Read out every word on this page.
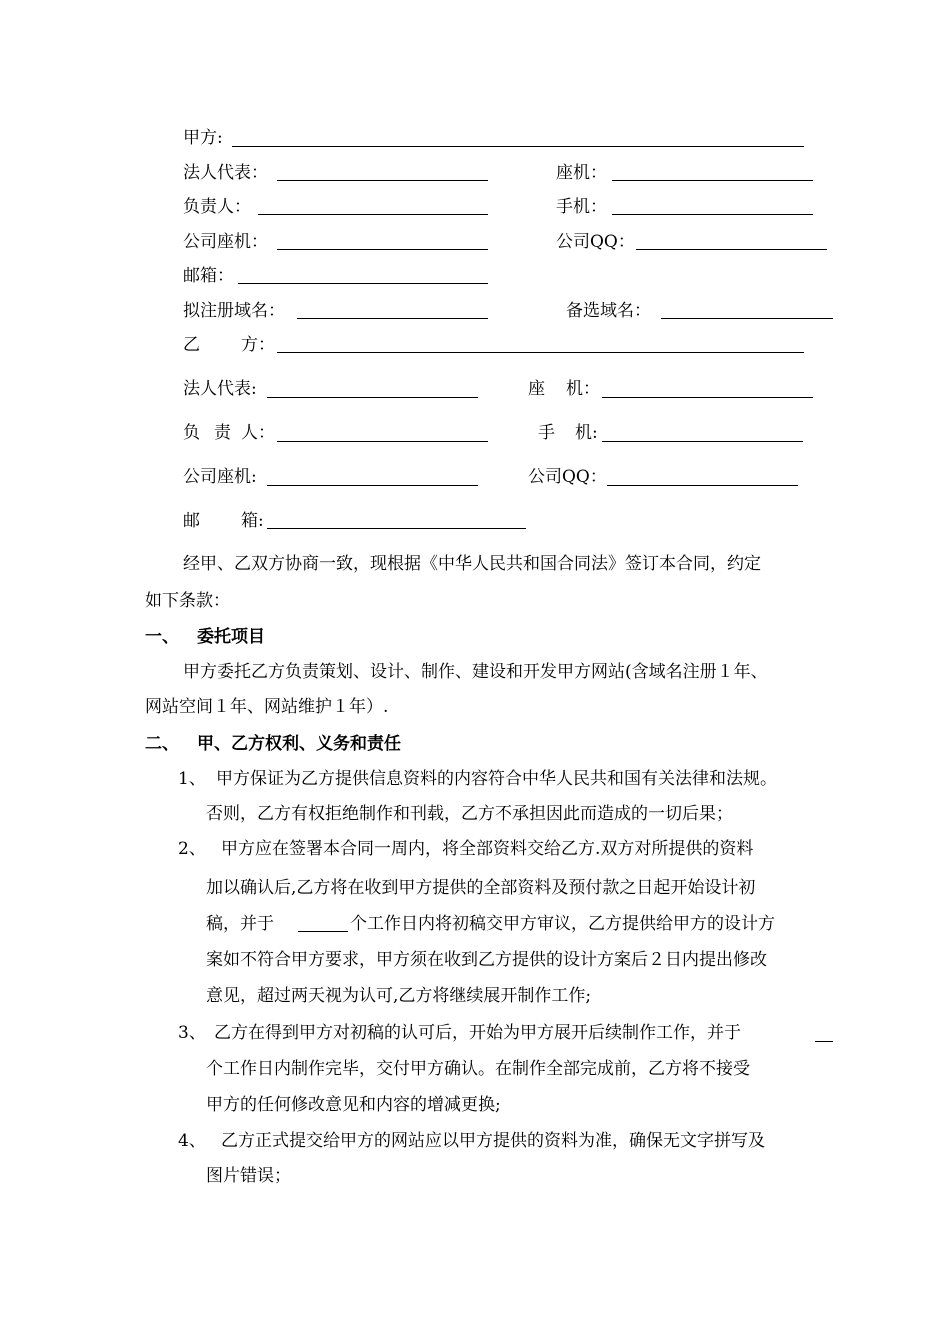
甲方:
法人代表：	座机：
负责人：	手机：
公司座机：	公司QQ：
邮箱：
拟注册域名：	备选域名：
乙 方：
法人代表:	座 机：
负 责 人：	手 机:
公司座机:	公司QQ：
邮 箱:
经甲、乙双方协商一致，现根据《中华人民共和国合同法》签订本合同，约定
如下条款：
一、 委托项目
甲方委托乙方负责策划、设计、制作、建设和开发甲方网站(含域名注册１年、
网站空间１年、网站维护１年）.
二、 甲、乙方权利、义务和责任
1、 甲方保证为乙方提供信息资料的内容符合中华人民共和国有关法律和法规。
否则，乙方有权拒绝制作和刊载，乙方不承担因此而造成的一切后果；
2、 甲方应在签署本合同一周内，将全部资料交给乙方.双方对所提供的资料
加以确认后,乙方将在收到甲方提供的全部资料及预付款之日起开始设计初
稿，并于	个工作日内将初稿交甲方审议，乙方提供给甲方的设计方
案如不符合甲方要求，甲方须在收到乙方提供的设计方案后２日内提出修改
意见，超过两天视为认可,乙方将继续展开制作工作;
3、 乙方在得到甲方对初稿的认可后，开始为甲方展开后续制作工作，并于
个工作日内制作完毕，交付甲方确认。在制作全部完成前，乙方将不接受
甲方的任何修改意见和内容的增减更换;
4、 乙方正式提交给甲方的网站应以甲方提供的资料为准，确保无文字拼写及
图片错误；
